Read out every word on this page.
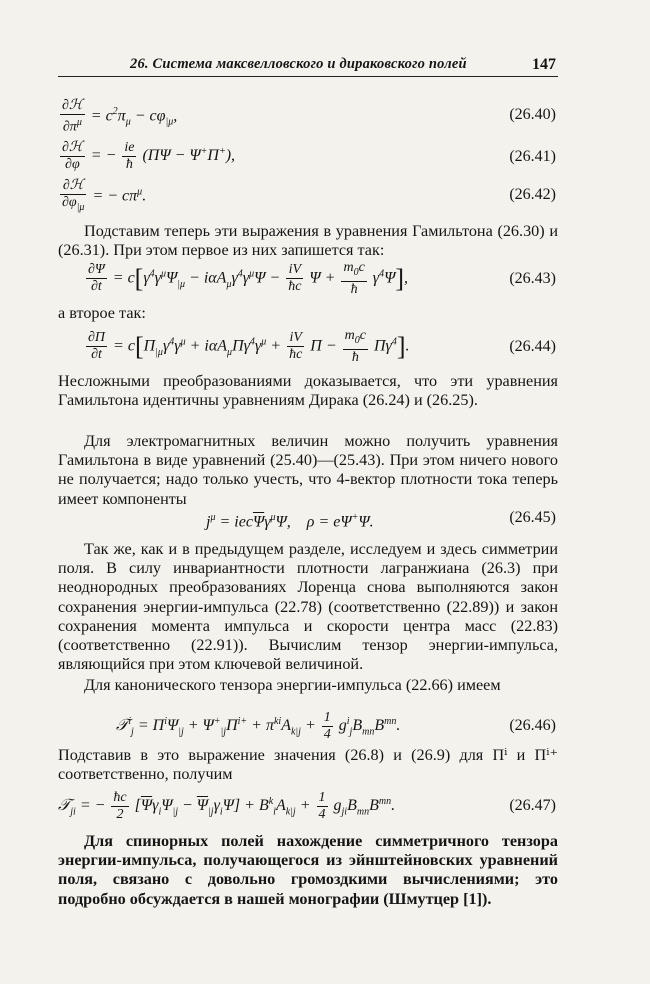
26. Система максвелловского и дираковского полей	147
$\frac{\text{∂ℋ}}{\partial\pi^\mu} = c^2\pi_\mu - c\varphi_{|\mu}$,	(26.40)
$\frac{\text{∂ℋ}}{\partial\varphi}$ = − $\frac{ie}{ħ} (\Pi\Psi - \Psi^+\Pi^+)$,	(26.41)
$\frac{\text{∂ℋ}}{\partial\varphi_{|\mu}}$ = − $c\pi^\mu$.	(26.42)
Подставим теперь эти выражения в уравнения Гамильтона (26.30) и (26.31). При этом первое из них запишется так:
$\frac{\partial\Psi}{\partial t} = c[\gamma^4\gamma^\mu\Psi_{|\mu} - i\alpha A_\mu\gamma^4\gamma^\mu\Psi - \frac{iV}{ħc}$ $\Psi + \frac{m_0c}{ħ} \gamma^4\Psi$],	(26.43)
а второе так:
$\frac{\partial\Pi}{\partial t} = c[\Pi_{|\mu}\gamma^4\gamma^\mu + i\alpha A_\mu\Pi\gamma^4\gamma^\mu + \frac{iV}{ħc}$ $\Pi - \frac{m_0c}{ħ} \Pi\gamma^4$].	(26.44)
Несложными преобразованиями доказывается, что эти уравнения Гамильтона идентичны уравнениям Дирака (26.24) и (26.25).
Для электромагнитных величин можно получить уравнения Гамильтона в виде уравнений (25.40)—(25.43). При этом ничего нового не получается; надо только учесть, что 4-вектор плотности тока теперь имеет компоненты
$j^\mu = iec\overline{\Psi}\gamma^\mu\Psi$,    ρ = eΨ+Ψ.	(26.45)
Так же, как и в предыдущем разделе, исследуем и здесь симметрии поля. В силу инвариантности плотности лагранжиана (26.3) при неоднородных преобразованиях Лоренца снова выполняются закон сохранения энергии-импульса (22.78) (соответственно (22.89)) и закон сохранения момента импульса и скорости центра масс (22.83) (соответственно (22.91)). Вычислим тензор энергии-импульса, являющийся при этом ключевой величиной.
Для канонического тензора энергии-импульса (22.66) имеем
𝒯$^i_j$ = $\Pi^i\Psi_{|j} + \Psi^+_{|j}\Pi^{i+} + \pi^{ki}A_{k|j} + \frac{1}{4} g^i_jB_{mn}B^{mn}$.	(26.46)
Подставив в это выражение значения (26.8) и (26.9) для Πⁱ и Πⁱ⁺ соответственно, получим
𝒯$_{ji}$ = − $\frac{ħc}{2} [\overline{\Psi}\gamma_i\Psi_{|j} - \overline{\Psi}_{|j}\gamma_i\Psi] + B^k_iA_{k|j} + \frac{1}{4} g_{ji}B_{mn}B^{mn}$.	(26.47)
Для спинорных полей нахождение симметричного тензора энергии-импульса, получающегося из эйнштейновских уравнений поля, связано с довольно громоздкими вычислениями; это подробно обсуждается в нашей монографии (Шмутцер [1]).
